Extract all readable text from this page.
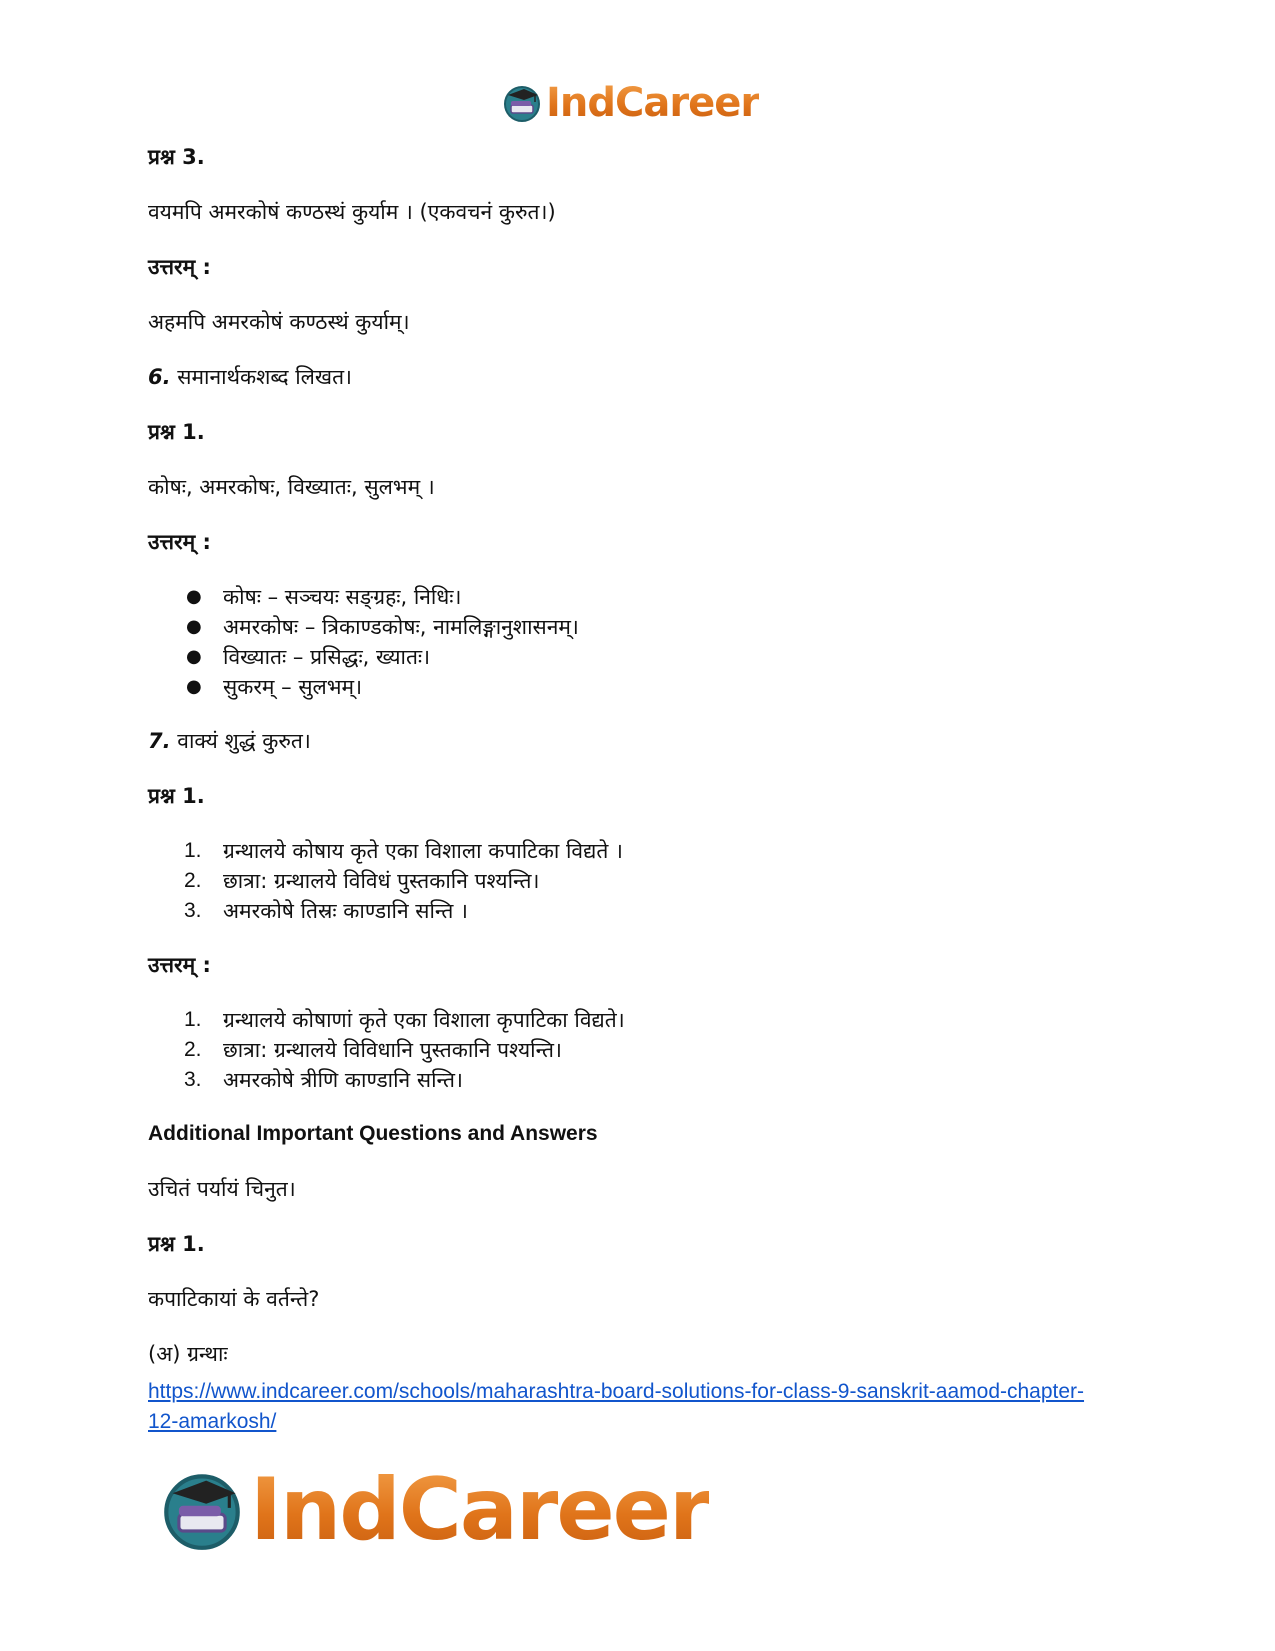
IndCareer

प्रश्न 3.

वयमपि अमरकोषं कण्ठस्थं कुर्याम । (एकवचनं कुरुत।)

उत्तरम् :

अहमपि अमरकोषं कण्ठस्थं कुर्याम्।

6. समानार्थकशब्द लिखत।

प्रश्न 1.

कोषः, अमरकोषः, विख्यातः, सुलभम् ।

उत्तरम् :

● कोषः – सञ्चयः सङ्ग्रहः, निधिः।
● अमरकोषः – त्रिकाण्डकोषः, नामलिङ्गानुशासनम्।
● विख्यातः – प्रसिद्धः, ख्यातः।
● सुकरम् – सुलभम्।

7. वाक्यं शुद्धं कुरुत।

प्रश्न 1.

1. ग्रन्थालये कोषाय कृते एका विशाला कपाटिका विद्यते ।
2. छात्रा: ग्रन्थालये विविधं पुस्तकानि पश्यन्ति।
3. अमरकोषे तिस्रः काण्डानि सन्ति ।

उत्तरम् :

1. ग्रन्थालये कोषाणां कृते एका विशाला कृपाटिका विद्यते।
2. छात्रा: ग्रन्थालये विविधानि पुस्तकानि पश्यन्ति।
3. अमरकोषे त्रीणि काण्डानि सन्ति।

Additional Important Questions and Answers

उचितं पर्यायं चिनुत।

प्रश्न 1.

कपाटिकायां के वर्तन्ते?

(अ) ग्रन्थाः

https://www.indcareer.com/schools/maharashtra-board-solutions-for-class-9-sanskrit-aamod-chapter-12-amarkosh/
IndCareer
